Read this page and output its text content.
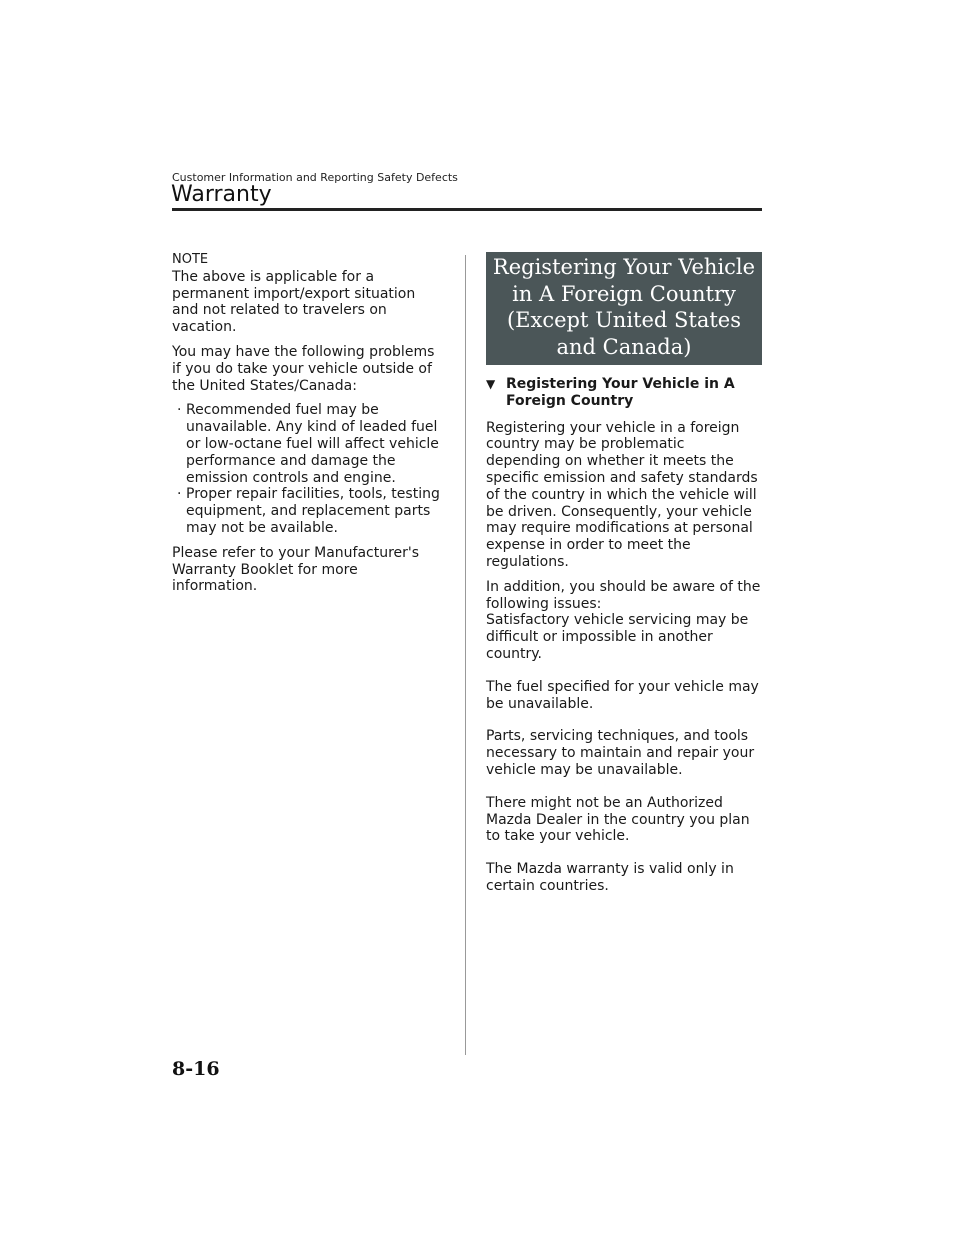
Customer Information and Reporting Safety Defects
Warranty

NOTE

The above is applicable for a permanent import/export situation and not related to travelers on vacation.

You may have the following problems if you do take your vehicle outside of the United States/Canada:

· Recommended fuel may be unavailable. Any kind of leaded fuel or low-octane fuel will affect vehicle performance and damage the emission controls and engine.
· Proper repair facilities, tools, testing equipment, and replacement parts may not be available.

Please refer to your Manufacturer's Warranty Booklet for more information.

Registering Your Vehicle in A Foreign Country (Except United States and Canada)
▼ Registering Your Vehicle in A Foreign Country

Registering your vehicle in a foreign country may be problematic depending on whether it meets the specific emission and safety standards of the country in which the vehicle will be driven. Consequently, your vehicle may require modifications at personal expense in order to meet the regulations.

In addition, you should be aware of the following issues:

Satisfactory vehicle servicing may be difficult or impossible in another country.

The fuel specified for your vehicle may be unavailable.

Parts, servicing techniques, and tools necessary to maintain and repair your vehicle may be unavailable.

There might not be an Authorized Mazda Dealer in the country you plan to take your vehicle.

The Mazda warranty is valid only in certain countries.

8-16
